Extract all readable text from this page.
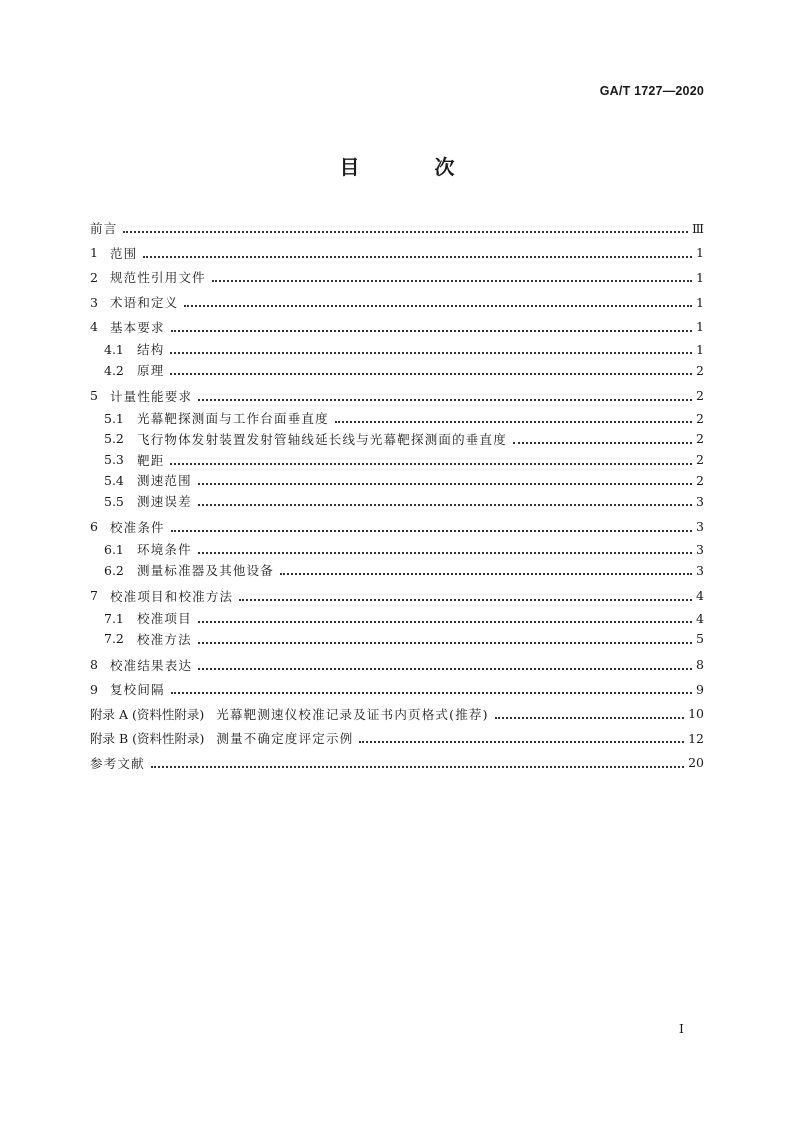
GA/T 1727—2020
目 次
前言	Ⅲ
1 范围	1
2 规范性引用文件	1
3 术语和定义	1
4 基本要求	1
4.1 结构	1
4.2 原理	2
5 计量性能要求	2
5.1 光幕靶探测面与工作台面垂直度	2
5.2 飞行物体发射装置发射管轴线延长线与光幕靶探测面的垂直度	2
5.3 靶距	2
5.4 测速范围	2
5.5 测速误差	3
6 校准条件	3
6.1 环境条件	3
6.2 测量标准器及其他设备	3
7 校准项目和校准方法	4
7.1 校准项目	4
7.2 校准方法	5
8 校准结果表达	8
9 复校间隔	9
附录 A (资料性附录) 光幕靶测速仪校准记录及证书内页格式(推荐)	10
附录 B (资料性附录) 测量不确定度评定示例	12
参考文献	20
Ⅰ
